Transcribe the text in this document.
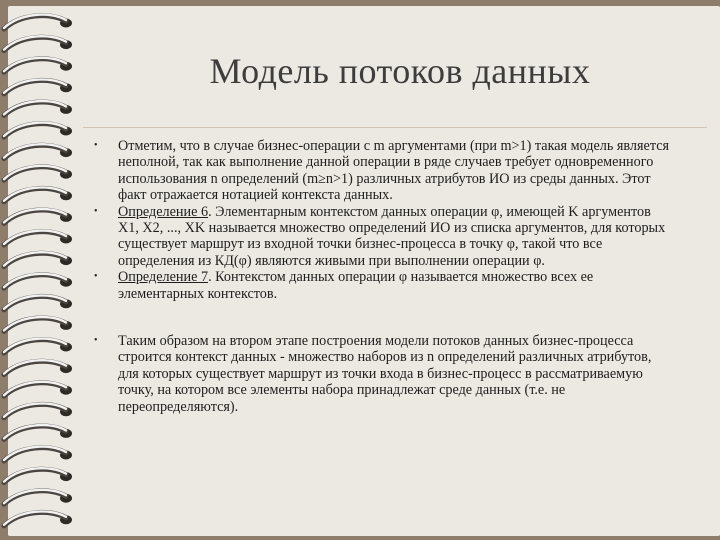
Модель потоков данных
• Отметим, что в случае бизнес-операции с m аргументами (при m>1) такая модель является неполной, так как выполнение данной операции в ряде случаев требует одновременного использования n определений (m≥n>1) различных атрибутов ИО из среды данных. Этот факт отражается нотацией контекста данных.
• Определение 6. Элементарным контекстом данных операции φ, имеющей K аргументов X1, X2, ..., XK называется множество определений ИО из списка аргументов, для которых существует маршрут из входной точки бизнес-процесса в точку φ, такой что все определения из КД(φ) являются живыми при выполнении операции φ.
• Определение 7. Контекстом данных операции φ называется множество всех ее элементарных контекстов.
• Таким образом на втором этапе построения модели потоков данных бизнес-процесса строится контекст данных - множество наборов из n определений различных атрибутов, для которых существует маршрут из точки входа в бизнес-процесс в рассматриваемую точку, на котором все элементы набора принадлежат среде данных (т.е. не переопределяются).
